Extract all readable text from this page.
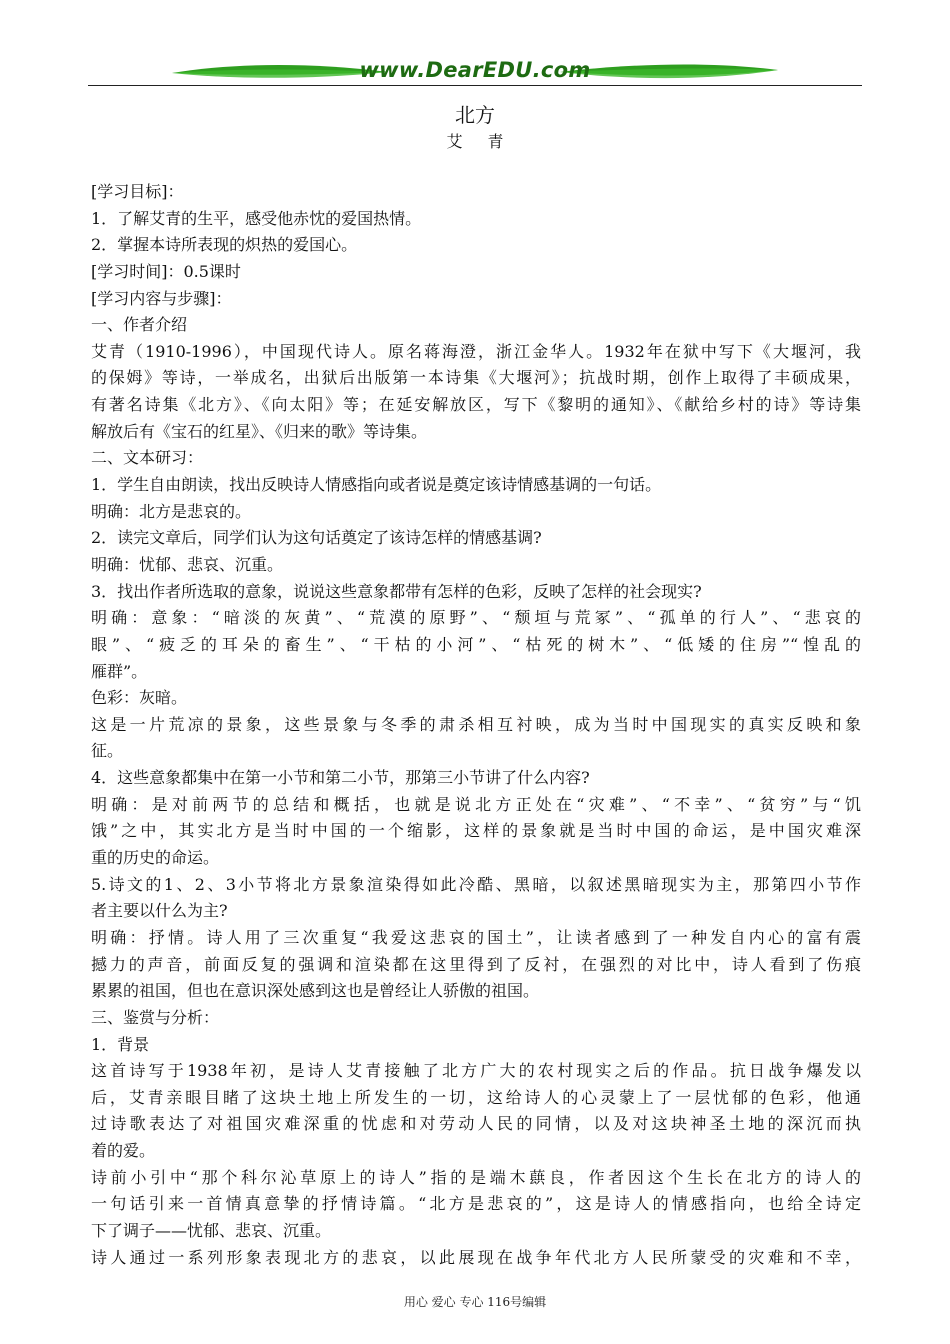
www.DearEDU.com
北方
艾 青
[学习目标]：
1．了解艾青的生平，感受他赤忱的爱国热情。
2．掌握本诗所表现的炽热的爱国心。
[学习时间]：0.5课时
[学习内容与步骤]：
一、作者介绍
艾青（1910-1996），中国现代诗人。原名蒋海澄，浙江金华人。1932年在狱中写下《大堰河，我
的保姆》等诗，一举成名，出狱后出版第一本诗集《大堰河》；抗战时期，创作上取得了丰硕成果，
有著名诗集《北方》、《向太阳》等；在延安解放区，写下《黎明的通知》、《献给乡村的诗》等诗集
解放后有《宝石的红星》、《归来的歌》等诗集。
二、文本研习：
1．学生自由朗读，找出反映诗人情感指向或者说是奠定该诗情感基调的一句话。
明确：北方是悲哀的。
2．读完文章后，同学们认为这句话奠定了该诗怎样的情感基调?
明确：忧郁、悲哀、沉重。
3．找出作者所选取的意象，说说这些意象都带有怎样的色彩，反映了怎样的社会现实?
明确：意象：“暗淡的灰黄”、“荒漠的原野”、“颓垣与荒冢”、“孤单的行人”、“悲哀的
眼”、“疲乏的耳朵的畜生”、“干枯的小河”、“枯死的树木”、“低矮的住房”“惶乱的
雁群”。
色彩：灰暗。
这是一片荒凉的景象，这些景象与冬季的肃杀相互衬映，成为当时中国现实的真实反映和象
征。
4．这些意象都集中在第一小节和第二小节，那第三小节讲了什么内容?
明确：是对前两节的总结和概括，也就是说北方正处在“灾难”、“不幸”、“贫穷”与“饥
饿”之中，其实北方是当时中国的一个缩影，这样的景象就是当时中国的命运，是中国灾难深
重的历史的命运。
5.诗文的1、2、3小节将北方景象渲染得如此冷酷、黑暗，以叙述黑暗现实为主，那第四小节作
者主要以什么为主?
明确：抒情。诗人用了三次重复“我爱这悲哀的国土”，让读者感到了一种发自内心的富有震
撼力的声音，前面反复的强调和渲染都在这里得到了反衬，在强烈的对比中，诗人看到了伤痕
累累的祖国，但也在意识深处感到这也是曾经让人骄傲的祖国。
三、鉴赏与分析：
1．背景
这首诗写于1938年初，是诗人艾青接触了北方广大的农村现实之后的作品。抗日战争爆发以
后，艾青亲眼目睹了这块土地上所发生的一切，这给诗人的心灵蒙上了一层忧郁的色彩，他通
过诗歌表达了对祖国灾难深重的忧虑和对劳动人民的同情，以及对这块神圣土地的深沉而执
着的爱。
诗前小引中“那个科尔沁草原上的诗人”指的是端木蕻良，作者因这个生长在北方的诗人的
一句话引来一首情真意挚的抒情诗篇。“北方是悲哀的”，这是诗人的情感指向，也给全诗定
下了调子——忧郁、悲哀、沉重。
诗人通过一系列形象表现北方的悲哀，以此展现在战争年代北方人民所蒙受的灾难和不幸，
用心 爱心 专心 116号编辑
